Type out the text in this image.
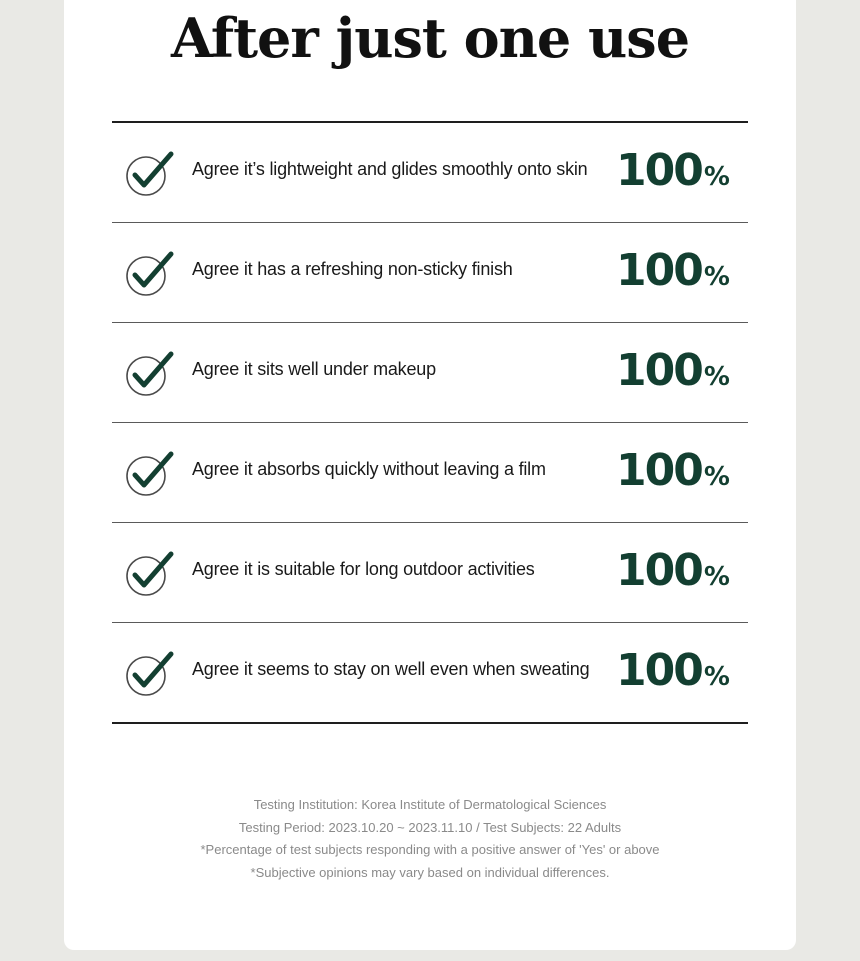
After just one use
Agree it’s lightweight and glides smoothly onto skin 100%
Agree it has a refreshing non-sticky finish 100%
Agree it sits well under makeup	100%
Agree it absorbs quickly without leaving a film 100%
Agree it is suitable for long outdoor activities 100%
Agree it seems to stay on well even when sweating 100%
Testing Institution: Korea Institute of Dermatological Sciences
Testing Period: 2023.10.20 ~ 2023.11.10 / Test Subjects: 22 Adults
*Percentage of test subjects responding with a positive answer of 'Yes' or above
*Subjective opinions may vary based on individual differences.
